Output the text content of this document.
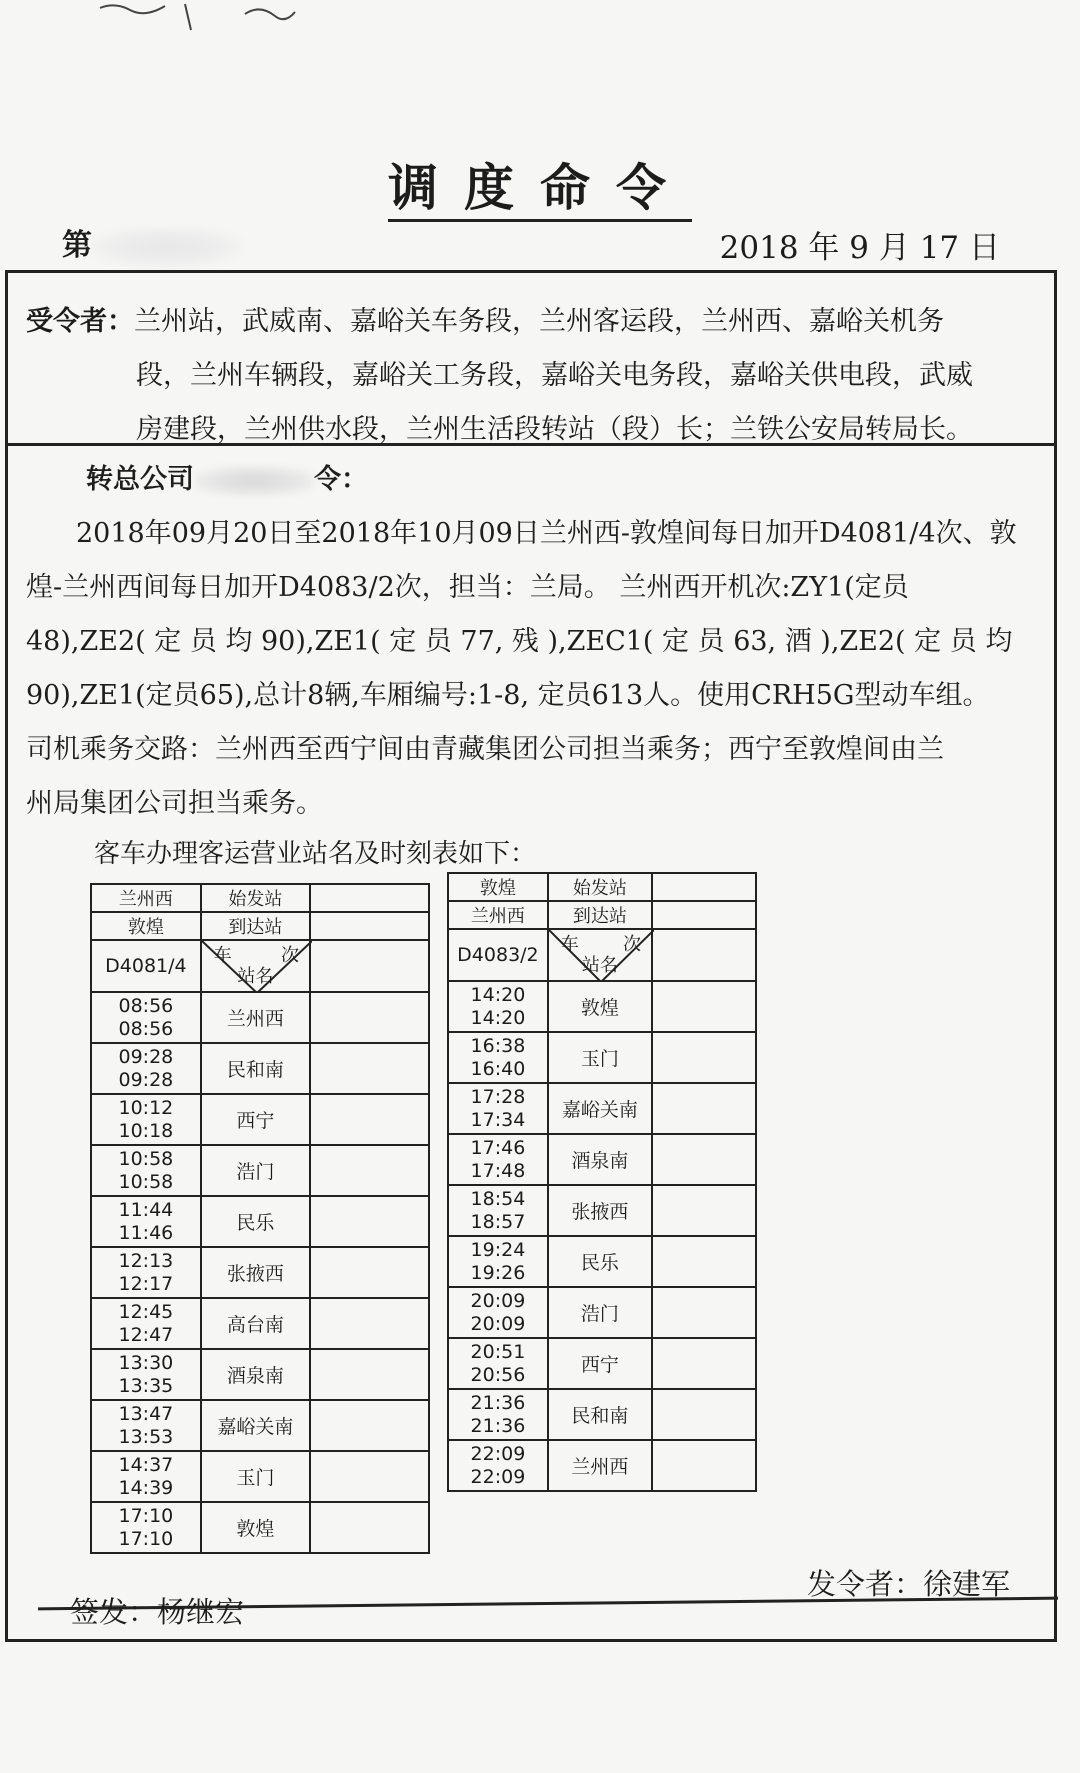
调度命令
第	2018 年 9 月 17 日
受令者：兰州站，武威南、嘉峪关车务段，兰州客运段，兰州西、嘉峪关机务
段，兰州车辆段，嘉峪关工务段，嘉峪关电务段，嘉峪关供电段，武威
房建段，兰州供水段，兰州生活段转站（段）长；兰铁公安局转局长。
转总公司	令：
2018年09月20日至2018年10月09日兰州西-敦煌间每日加开D4081/4次、敦
煌-兰州西间每日加开D4083/2次，担当：兰局。 兰州西开机次:ZY1(定员
48),ZE2( 定 员 均 90),ZE1( 定 员 77, 残 ),ZEC1( 定 员 63, 酒 ),ZE2( 定 员 均
90),ZE1(定员65),总计8辆,车厢编号:1-8, 定员613人。使用CRH5G型动车组。
司机乘务交路：兰州西至西宁间由青藏集团公司担当乘务；西宁至敦煌间由兰
州局集团公司担当乘务。
客车办理客运营业站名及时刻表如下：
兰州西	始发站	
敦煌	到达站	
D4081/4	车 次
站名	

08:56
08:56	兰州西	

09:28
09:28	民和南	

10:12
10:18	西宁	

10:58
10:58	浩门	

11:44
11:46	民乐	

12:13
12:17	张掖西	

12:45
12:47	高台南	

13:30
13:35	酒泉南	

13:47
13:53	嘉峪关南	

14:37
14:39	玉门	

17:10
17:10	敦煌	
敦煌	始发站	
兰州西	到达站	
D4083/2	车 次
站名	

14:20
14:20	敦煌	

16:38
16:40	玉门	

17:28
17:34	嘉峪关南	

17:46
17:48	酒泉南	

18:54
18:57	张掖西	

19:24
19:26	民乐	

20:09
20:09	浩门	

20:51
20:56	西宁	

21:36
21:36	民和南	

22:09
22:09	兰州西	
签发：杨继宏
发令者：徐建军
